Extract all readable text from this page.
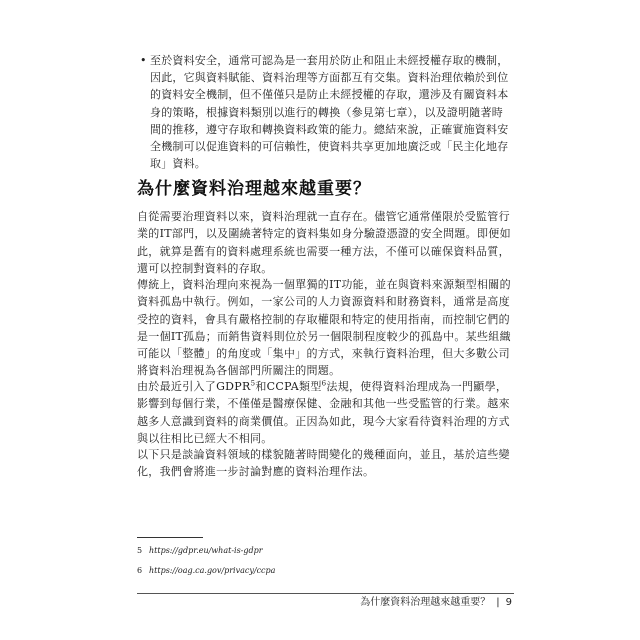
• 至於資料安全，通常可認為是一套用於防止和阻止未經授權存取的機制，因此，它與資料賦能、資料治理等方面都互有交集。資料治理依賴於到位的資料安全機制，但不僅僅只是防止未經授權的存取，還涉及有關資料本身的策略，根據資料類別以進行的轉換（參見第七章），以及證明隨著時間的推移，遵守存取和轉換資料政策的能力。總結來說，正確實施資料安全機制可以促進資料的可信賴性，使資料共享更加地廣泛或「民主化地存取」資料。
為什麼資料治理越來越重要？

自從需要治理資料以來，資料治理就一直存在。儘管它通常僅限於受監管行業的IT部門，以及圍繞著特定的資料集如身分驗證憑證的安全問題。即便如此，就算是舊有的資料處理系統也需要一種方法，不僅可以確保資料品質，還可以控制對資料的存取。

傳統上，資料治理向來視為一個單獨的IT功能，並在與資料來源類型相關的資料孤島中執行。例如，一家公司的人力資源資料和財務資料，通常是高度受控的資料，會具有嚴格控制的存取權限和特定的使用指南，而控制它們的是一個IT孤島；而銷售資料則位於另一個限制程度較少的孤島中。某些組織可能以「整體」的角度或「集中」的方式，來執行資料治理，但大多數公司將資料治理視為各個部門所關注的問題。

由於最近引入了GDPR$^5$和CCPA類型$^6$法規，使得資料治理成為一門顯學，影響到每個行業，不僅僅是醫療保健、金融和其他一些受監管的行業。越來越多人意識到資料的商業價值。正因為如此，現今大家看待資料治理的方式與以往相比已經大不相同。

以下只是談論資料領域的樣貌隨著時間變化的幾種面向，並且，基於這些變化，我們會將進一步討論對應的資料治理作法。

5 https://gdpr.eu/what-is-gdpr
6 https://oag.ca.gov/privacy/ccpa
為什麼資料治理越來越重要？ | 9
